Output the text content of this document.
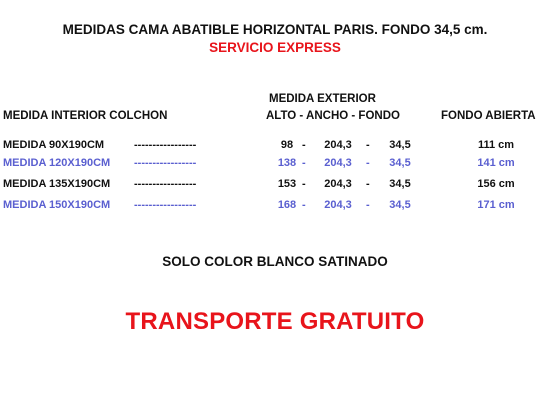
MEDIDAS CAMA ABATIBLE HORIZONTAL PARIS. FONDO 34,5 cm.
SERVICIO EXPRESS
MEDIDA EXTERIOR
MEDIDA INTERIOR COLCHON	ALTO - ANCHO - FONDO	FONDO ABIERTA
MEDIDA 90X190CM	-----------------	98 -	204,3	-	34,5	111 cm
MEDIDA 120X190CM -----------------	138 -	204,3	-	34,5	141 cm
MEDIDA 135X190CM -----------------	153 -	204,3	-	34,5	156 cm
MEDIDA 150X190CM -----------------	168 -	204,3	-	34,5	171 cm
SOLO COLOR BLANCO SATINADO
TRANSPORTE GRATUITO
